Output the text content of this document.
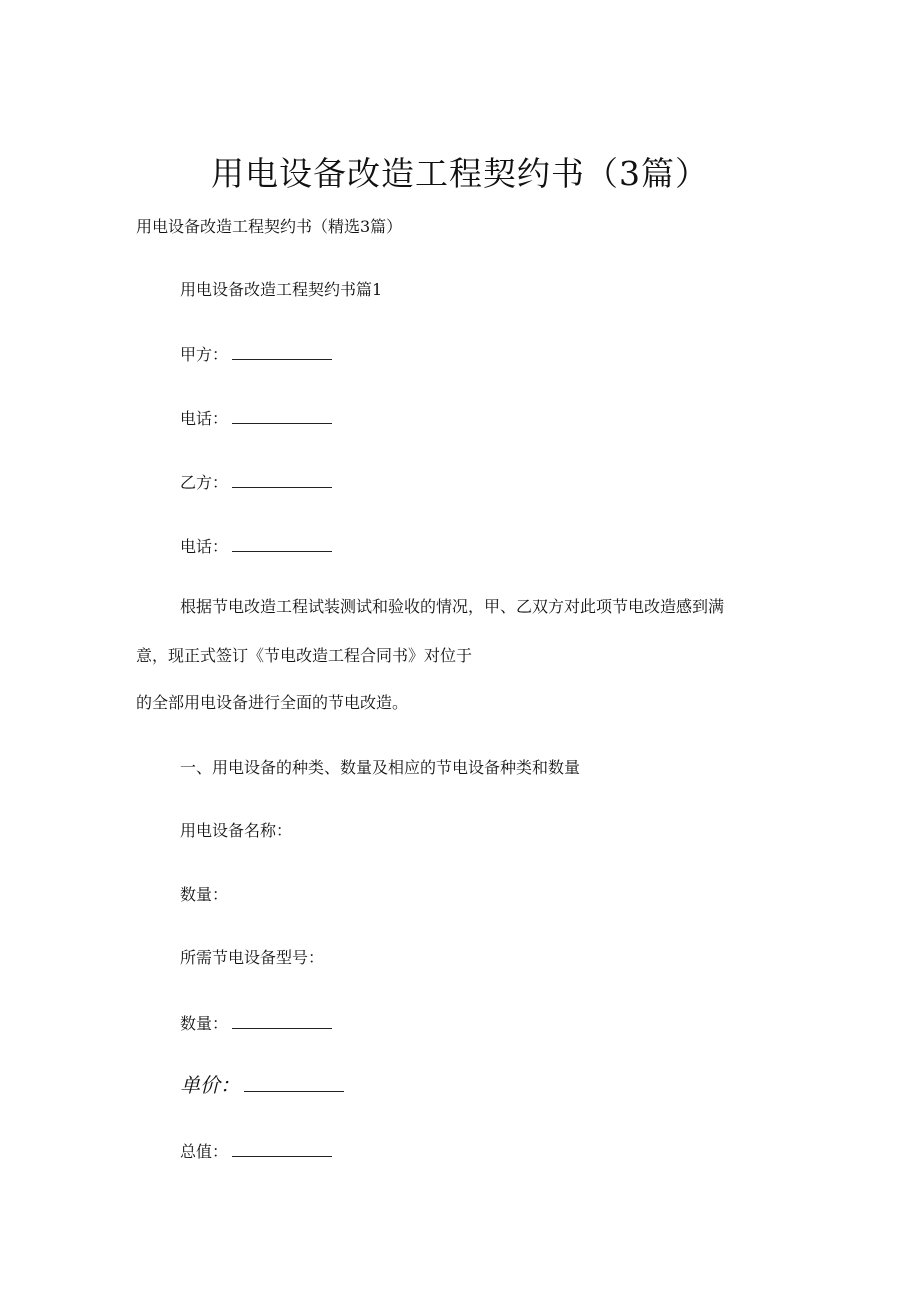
用电设备改造工程契约书（3篇）
用电设备改造工程契约书（精选3篇）
用电设备改造工程契约书篇1
甲方：
电话：
乙方：
电话：
根据节电改造工程试装测试和验收的情况，甲、乙双方对此项节电改造感到满
意，现正式签订《节电改造工程合同书》对位于
的全部用电设备进行全面的节电改造。
一、用电设备的种类、数量及相应的节电设备种类和数量
用电设备名称：
数量：
所需节电设备型号：
数量：
单价：
总值：
